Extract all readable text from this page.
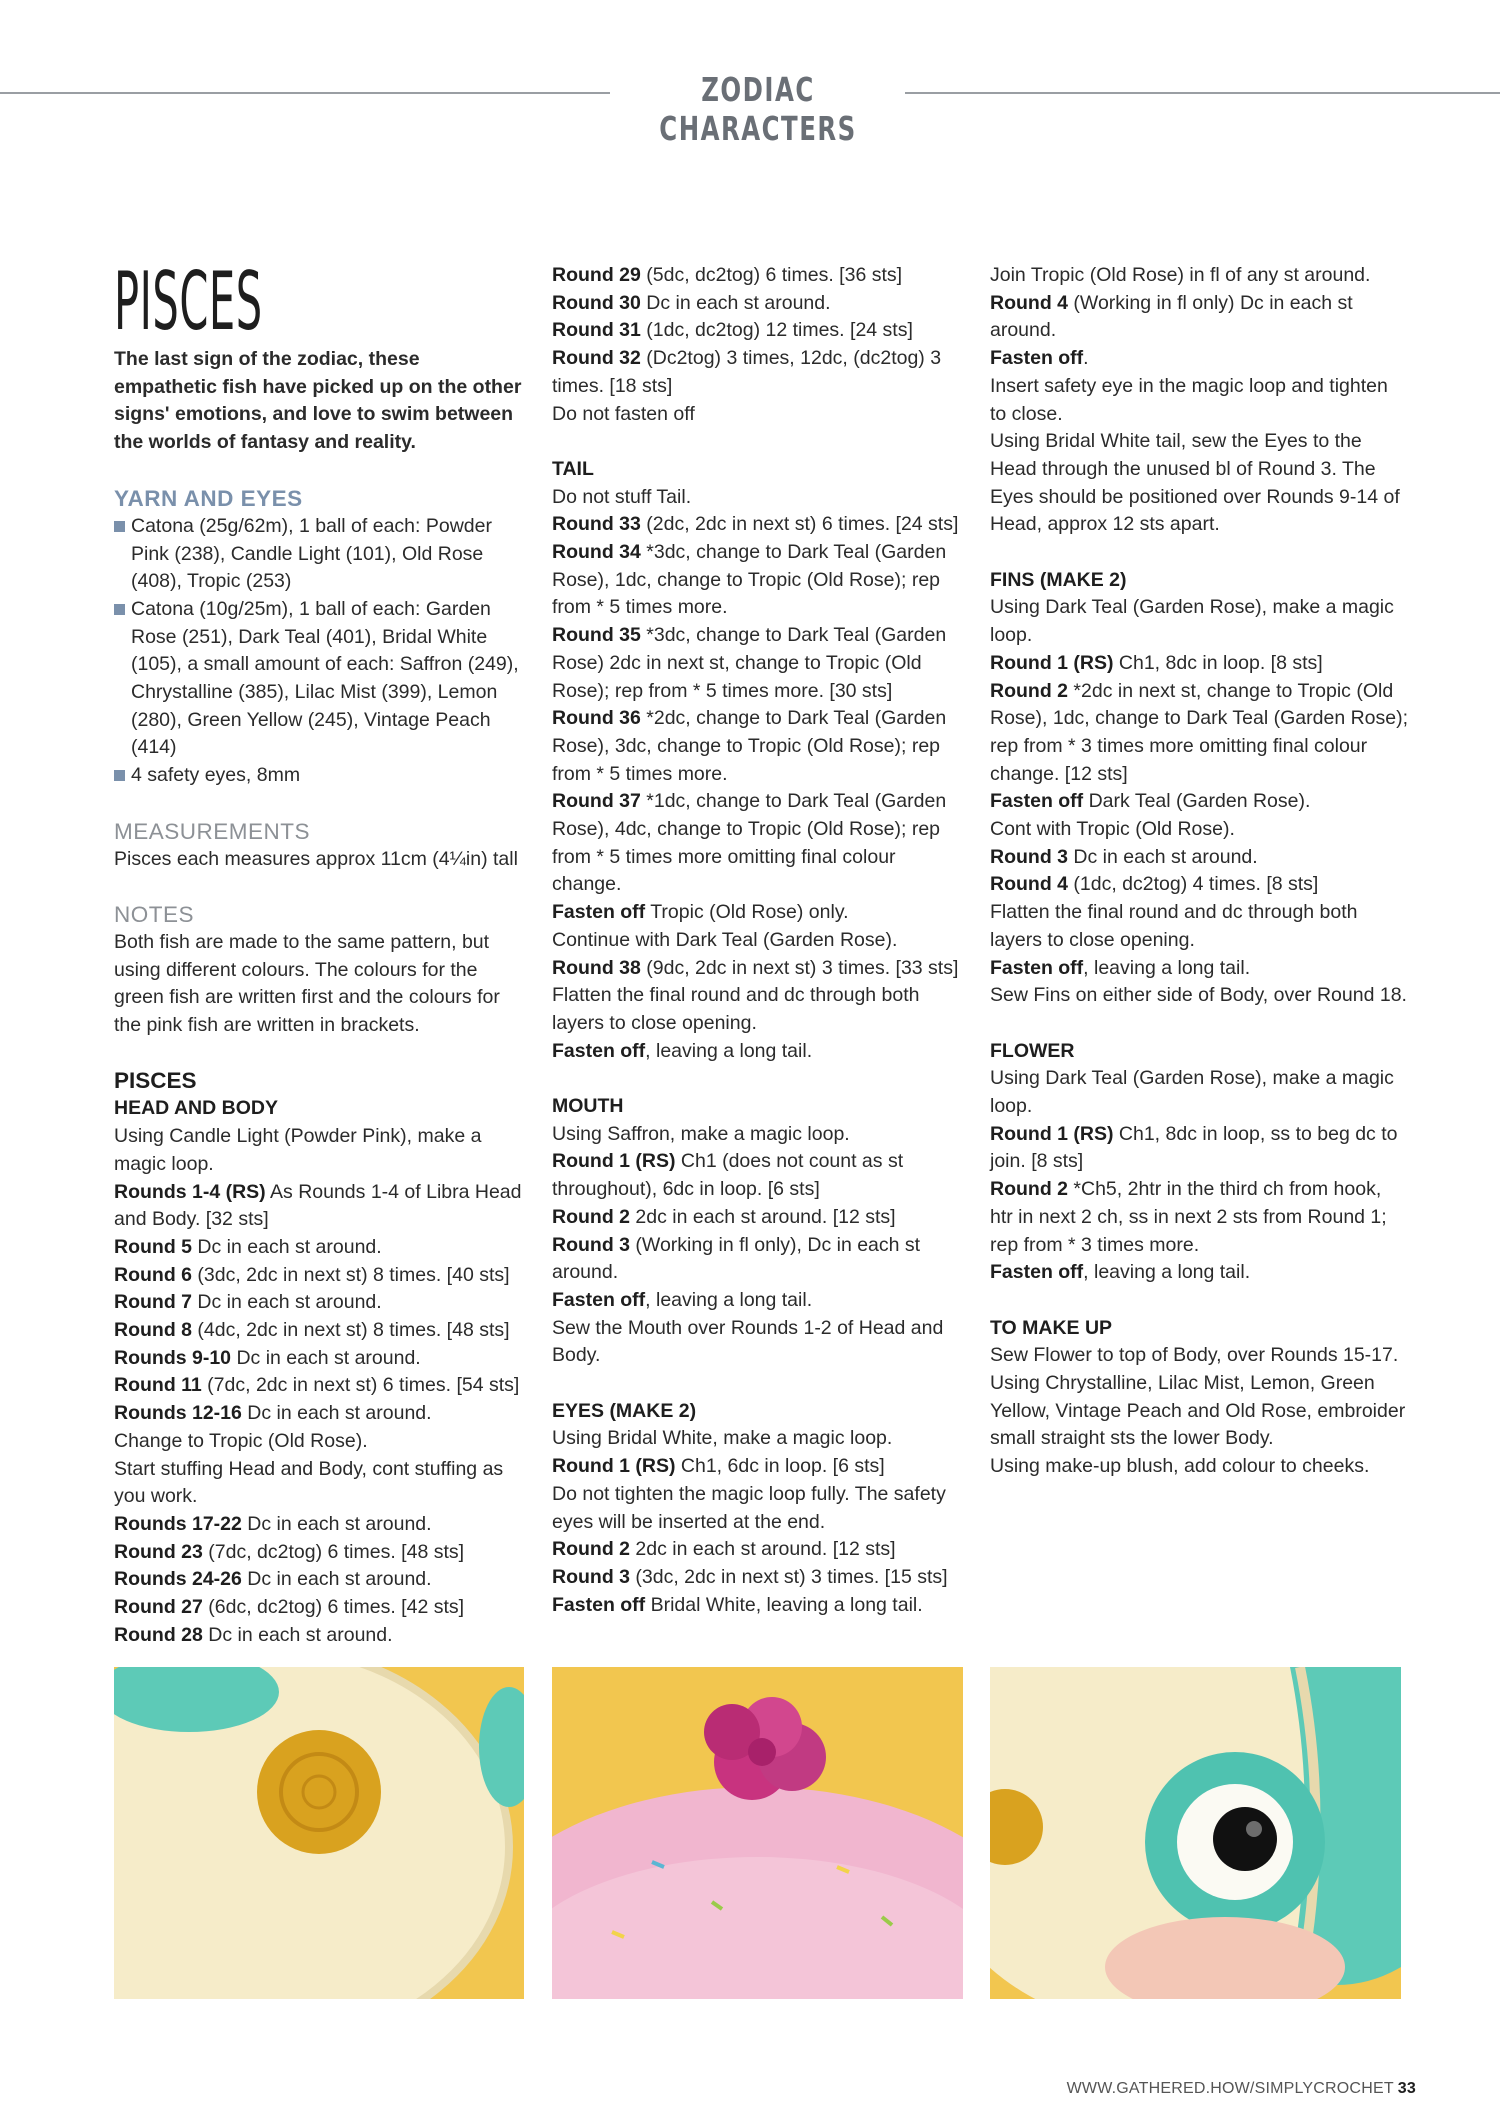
ZODIAC CHARACTERS
PISCES

The last sign of the zodiac, these empathetic fish have picked up on the other signs' emotions, and love to swim between the worlds of fantasy and reality.

YARN AND EYES
Catona (25g/62m), 1 ball of each: Powder Pink (238), Candle Light (101), Old Rose (408), Tropic (253)
Catona (10g/25m), 1 ball of each: Garden Rose (251), Dark Teal (401), Bridal White (105), a small amount of each: Saffron (249), Chrystalline (385), Lilac Mist (399), Lemon (280), Green Yellow (245), Vintage Peach (414)
4 safety eyes, 8mm
MEASUREMENTS

Pisces each measures approx 11cm (4¼in) tall

NOTES

Both fish are made to the same pattern, but using different colours. The colours for the green fish are written first and the colours for the pink fish are written in brackets.

PISCES

HEAD AND BODY

Using Candle Light (Powder Pink), make a magic loop.

Rounds 1-4 (RS) As Rounds 1-4 of Libra Head and Body. [32 sts]

Round 5 Dc in each st around.

Round 6 (3dc, 2dc in next st) 8 times. [40 sts]

Round 7 Dc in each st around.

Round 8 (4dc, 2dc in next st) 8 times. [48 sts]

Rounds 9-10 Dc in each st around.

Round 11 (7dc, 2dc in next st) 6 times. [54 sts]

Rounds 12-16 Dc in each st around.

Change to Tropic (Old Rose).

Start stuffing Head and Body, cont stuffing as you work.

Rounds 17-22 Dc in each st around.

Round 23 (7dc, dc2tog) 6 times. [48 sts]

Rounds 24-26 Dc in each st around.

Round 27 (6dc, dc2tog) 6 times. [42 sts]

Round 28 Dc in each st around.

Round 29 (5dc, dc2tog) 6 times. [36 sts]

Round 30 Dc in each st around.

Round 31 (1dc, dc2tog) 12 times. [24 sts]

Round 32 (Dc2tog) 3 times, 12dc, (dc2tog) 3 times. [18 sts]

Do not fasten off

TAIL

Do not stuff Tail.

Round 33 (2dc, 2dc in next st) 6 times. [24 sts]

Round 34 *3dc, change to Dark Teal (Garden Rose), 1dc, change to Tropic (Old Rose); rep from * 5 times more.

Round 35 *3dc, change to Dark Teal (Garden Rose) 2dc in next st, change to Tropic (Old Rose); rep from * 5 times more. [30 sts]

Round 36 *2dc, change to Dark Teal (Garden Rose), 3dc, change to Tropic (Old Rose); rep from * 5 times more.

Round 37 *1dc, change to Dark Teal (Garden Rose), 4dc, change to Tropic (Old Rose); rep from * 5 times more omitting final colour change.

Fasten off Tropic (Old Rose) only.

Continue with Dark Teal (Garden Rose).

Round 38 (9dc, 2dc in next st) 3 times. [33 sts]

Flatten the final round and dc through both layers to close opening.

Fasten off, leaving a long tail.

MOUTH

Using Saffron, make a magic loop.

Round 1 (RS) Ch1 (does not count as st throughout), 6dc in loop. [6 sts]

Round 2 2dc in each st around. [12 sts]

Round 3 (Working in fl only), Dc in each st around.

Fasten off, leaving a long tail.

Sew the Mouth over Rounds 1-2 of Head and Body.

EYES (MAKE 2)

Using Bridal White, make a magic loop.

Round 1 (RS) Ch1, 6dc in loop. [6 sts]

Do not tighten the magic loop fully. The safety eyes will be inserted at the end.

Round 2 2dc in each st around. [12 sts]

Round 3 (3dc, 2dc in next st) 3 times. [15 sts]

Fasten off Bridal White, leaving a long tail.

Join Tropic (Old Rose) in fl of any st around.

Round 4 (Working in fl only) Dc in each st around.

Fasten off.

Insert safety eye in the magic loop and tighten to close.

Using Bridal White tail, sew the Eyes to the Head through the unused bl of Round 3. The Eyes should be positioned over Rounds 9-14 of Head, approx 12 sts apart.

FINS (MAKE 2)

Using Dark Teal (Garden Rose), make a magic loop.

Round 1 (RS) Ch1, 8dc in loop. [8 sts]

Round 2 *2dc in next st, change to Tropic (Old Rose), 1dc, change to Dark Teal (Garden Rose); rep from * 3 times more omitting final colour change. [12 sts]

Fasten off Dark Teal (Garden Rose).

Cont with Tropic (Old Rose).

Round 3 Dc in each st around.

Round 4 (1dc, dc2tog) 4 times. [8 sts]

Flatten the final round and dc through both layers to close opening.

Fasten off, leaving a long tail.

Sew Fins on either side of Body, over Round 18.

FLOWER

Using Dark Teal (Garden Rose), make a magic loop.

Round 1 (RS) Ch1, 8dc in loop, ss to beg dc to join. [8 sts]

Round 2 *Ch5, 2htr in the third ch from hook, htr in next 2 ch, ss in next 2 sts from Round 1; rep from * 3 times more.

Fasten off, leaving a long tail.

TO MAKE UP

Sew Flower to top of Body, over Rounds 15-17.

Using Chrystalline, Lilac Mist, Lemon, Green Yellow, Vintage Peach and Old Rose, embroider small straight sts the lower Body.

Using make-up blush, add colour to cheeks.

WWW.GATHERED.HOW/SIMPLYCROCHET 33
